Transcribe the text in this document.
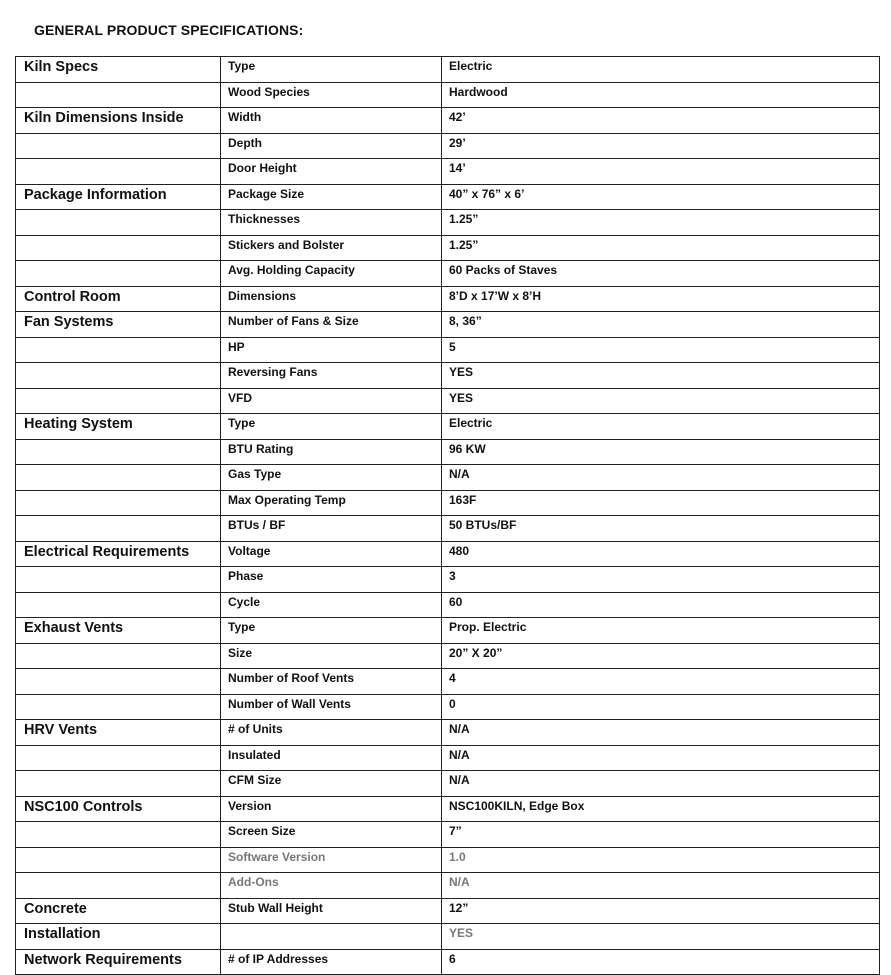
GENERAL PRODUCT SPECIFICATIONS:
Kiln Specs	Type	Electric
	Wood Species	Hardwood
Kiln Dimensions Inside	Width	42’
	Depth	29’
	Door Height	14’
Package Information	Package Size	40” x 76” x 6’
	Thicknesses	1.25”
	Stickers and Bolster	1.25”
	Avg. Holding Capacity	60 Packs of Staves
Control Room	Dimensions	8’D x 17’W x 8’H
Fan Systems	Number of Fans & Size	8, 36”
	HP	5
	Reversing Fans	YES
	VFD	YES
Heating System	Type	Electric
	BTU Rating	96 KW
	Gas Type	N/A
	Max Operating Temp	163F
	BTUs / BF	50 BTUs/BF
Electrical Requirements	Voltage	480
	Phase	3
	Cycle	60
Exhaust Vents	Type	Prop. Electric
	Size	20” X 20”
	Number of Roof Vents	4
	Number of Wall Vents	0
HRV Vents	# of Units	N/A
	Insulated	N/A
	CFM Size	N/A
NSC100 Controls	Version	NSC100KILN, Edge Box
	Screen Size	7”
	Software Version	1.0
	Add-Ons	N/A
Concrete	Stub Wall Height	12”
Installation		YES
Network Requirements	# of IP Addresses	6
